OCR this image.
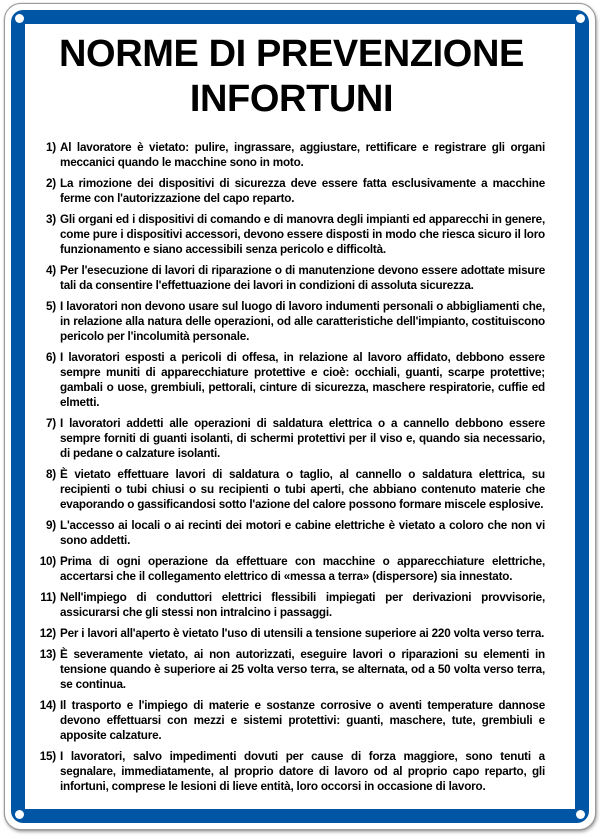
NORME DI PREVENZIONE
INFORTUNI
1) Al lavoratore è vietato: pulire, ingrassare, aggiustare, rettificare e registrare gli organi meccanici quando le macchine sono in moto.
2) La rimozione dei dispositivi di sicurezza deve essere fatta esclusivamente a macchine ferme con l'autorizzazione del capo reparto.
3) Gli organi ed i dispositivi di comando e di manovra degli impianti ed apparecchi in genere, come pure i dispositivi accessori, devono essere disposti in modo che riesca sicuro il loro funzionamento e siano accessibili senza pericolo e difficoltà.
4) Per l'esecuzione di lavori di riparazione o di manutenzione devono essere adottate misure tali da consentire l'effettuazione dei lavori in condizioni di assoluta sicurezza.
5) I lavoratori non devono usare sul luogo di lavoro indumenti personali o abbigliamenti che, in relazione alla natura delle operazioni, od alle caratteristiche dell'impianto, costituiscono pericolo per l'incolumità personale.
6) I lavoratori esposti a pericoli di offesa, in relazione al lavoro affidato, debbono essere sempre muniti di apparecchiature protettive e cioè: occhiali, guanti, scarpe protettive; gambali o uose, grembiuli, pettorali, cinture di sicurezza, maschere respiratorie, cuffie ed elmetti.
7) I lavoratori addetti alle operazioni di saldatura elettrica o a cannello debbono essere sempre forniti di guanti isolanti, di schermi protettivi per il viso e, quando sia necessario, di pedane o calzature isolanti.
8) È vietato effettuare lavori di saldatura o taglio, al cannello o saldatura elettrica, su recipienti o tubi chiusi o su recipienti o tubi aperti, che abbiano contenuto materie che evaporando o gassificandosi sotto l'azione del calore possono formare miscele esplosive.
9) L'accesso ai locali o ai recinti dei motori e cabine elettriche è vietato a coloro che non vi sono addetti.
10) Prima di ogni operazione da effettuare con macchine o apparecchiature elettriche, accertarsi che il collegamento elettrico di «messa a terra» (dispersore) sia innestato.
11) Nell'impiego di conduttori elettrici flessibili impiegati per derivazioni provvisorie, assicurarsi che gli stessi non intralcino i passaggi.
12) Per i lavori all'aperto è vietato l'uso di utensili a tensione superiore ai 220 volta verso terra.
13) È severamente vietato, ai non autorizzati, eseguire lavori o riparazioni su elementi in tensione quando è superiore ai 25 volta verso terra, se alternata, od a 50 volta verso terra, se continua.
14) Il trasporto e l'impiego di materie e sostanze corrosive o aventi temperature dannose devono effettuarsi con mezzi e sistemi protettivi: guanti, maschere, tute, grembiuli e apposite calzature.
15) I lavoratori, salvo impedimenti dovuti per cause di forza maggiore, sono tenuti a segnalare, immediatamente, al proprio datore di lavoro od al proprio capo reparto, gli infortuni, comprese le lesioni di lieve entità, loro occorsi in occasione di lavoro.
